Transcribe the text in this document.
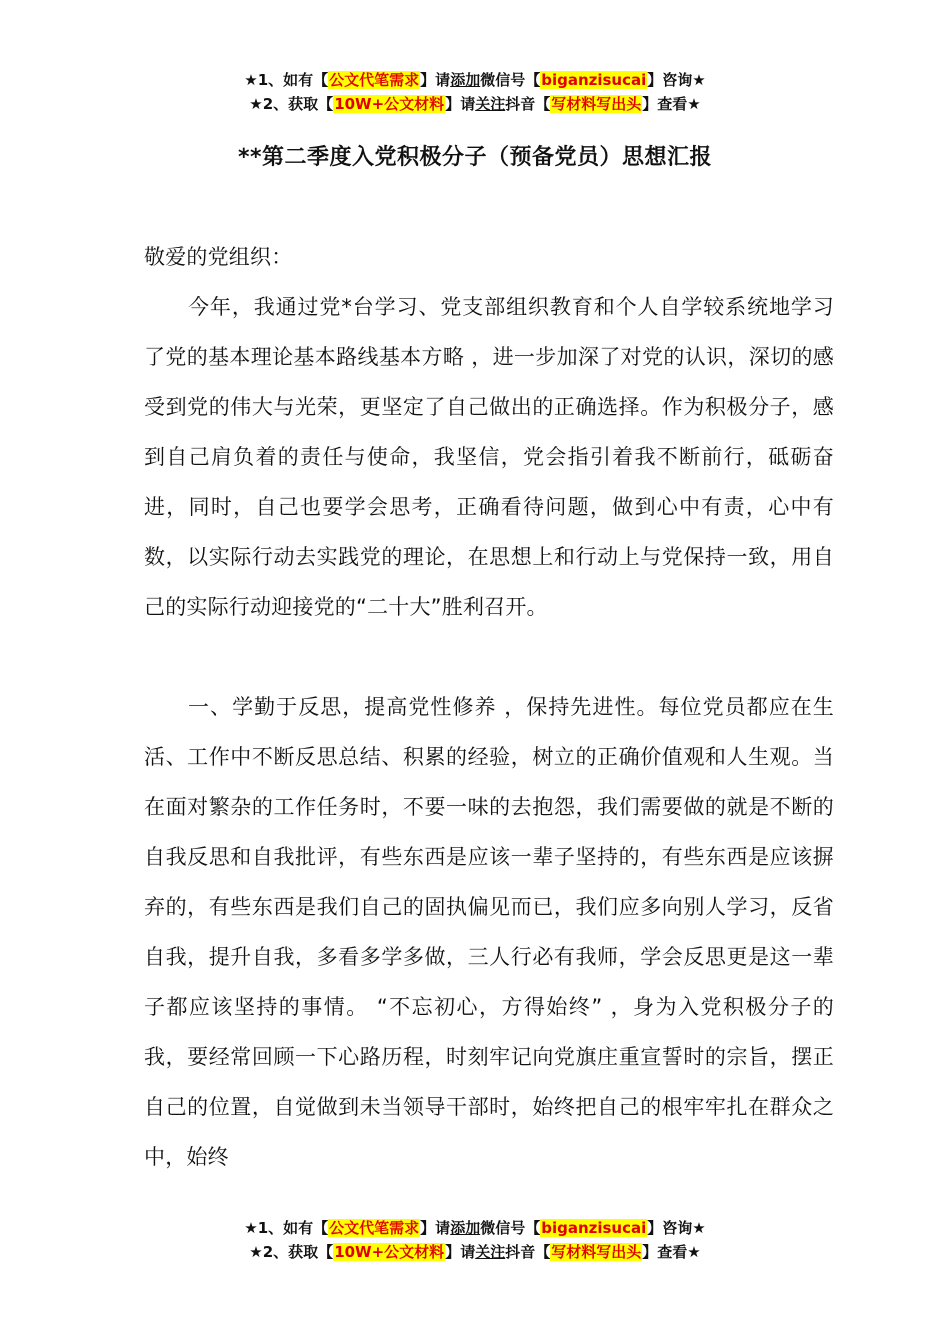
★1、如有【公文代笔需求】请添加微信号【biganzisucai】咨询★
★2、获取【10W+公文材料】请关注抖音【写材料写出头】查看★
**第二季度入党积极分子（预备党员）思想汇报

敬爱的党组织：

今年，我通过党*台学习、党支部组织教育和个人自学较系统地学习了党的基本理论基本路线基本方略 ，进一步加深了对党的认识，深切的感受到党的伟大与光荣，更坚定了自己做出的正确选择。作为积极分子，感到自己肩负着的责任与使命，我坚信，党会指引着我不断前行，砥砺奋进，同时，自己也要学会思考，正确看待问题，做到心中有责，心中有数，以实际行动去实践党的理论，在思想上和行动上与党保持一致，用自己的实际行动迎接党的“二十大”胜利召开。

一、学勤于反思，提高党性修养 ，保持先进性。每位党员都应在生活、工作中不断反思总结、积累的经验，树立的正确价值观和人生观。当在面对繁杂的工作任务时，不要一味的去抱怨，我们需要做的就是不断的自我反思和自我批评，有些东西是应该一辈子坚持的，有些东西是应该摒弃的，有些东西是我们自己的固执偏见而已，我们应多向别人学习，反省自我，提升自我，多看多学多做，三人行必有我师，学会反思更是这一辈子都应该坚持的事情。 “不忘初心，方得始终” ，身为入党积极分子的我，要经常回顾一下心路历程，时刻牢记向党旗庄重宣誓时的宗旨，摆正自己的位置，自觉做到未当领导干部时，始终把自己的根牢牢扎在群众之中，始终

★1、如有【公文代笔需求】请添加微信号【biganzisucai】咨询★
★2、获取【10W+公文材料】请关注抖音【写材料写出头】查看★
